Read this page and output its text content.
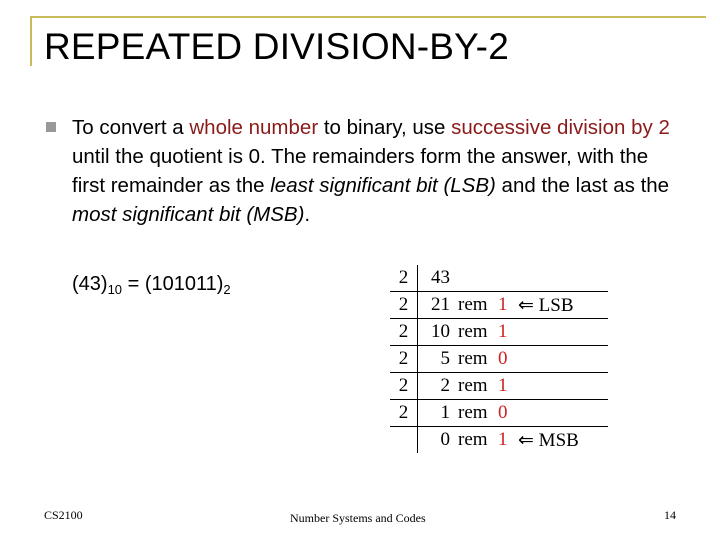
REPEATED DIVISION-BY-2
To convert a whole number to binary, use successive division by 2 until the quotient is 0. The remainders form the answer, with the first remainder as the least significant bit (LSB) and the last as the most significant bit (MSB).
$(43)_{10} = (101011)_2$
2	43			
2	21	rem	1	⇐ LSB
2	10	rem	1	
2	5	rem	0	
2	2	rem	1	
2	1	rem	0	
	0	rem	1	⇐ MSB
CS2100	Number Systems and Codes	14
